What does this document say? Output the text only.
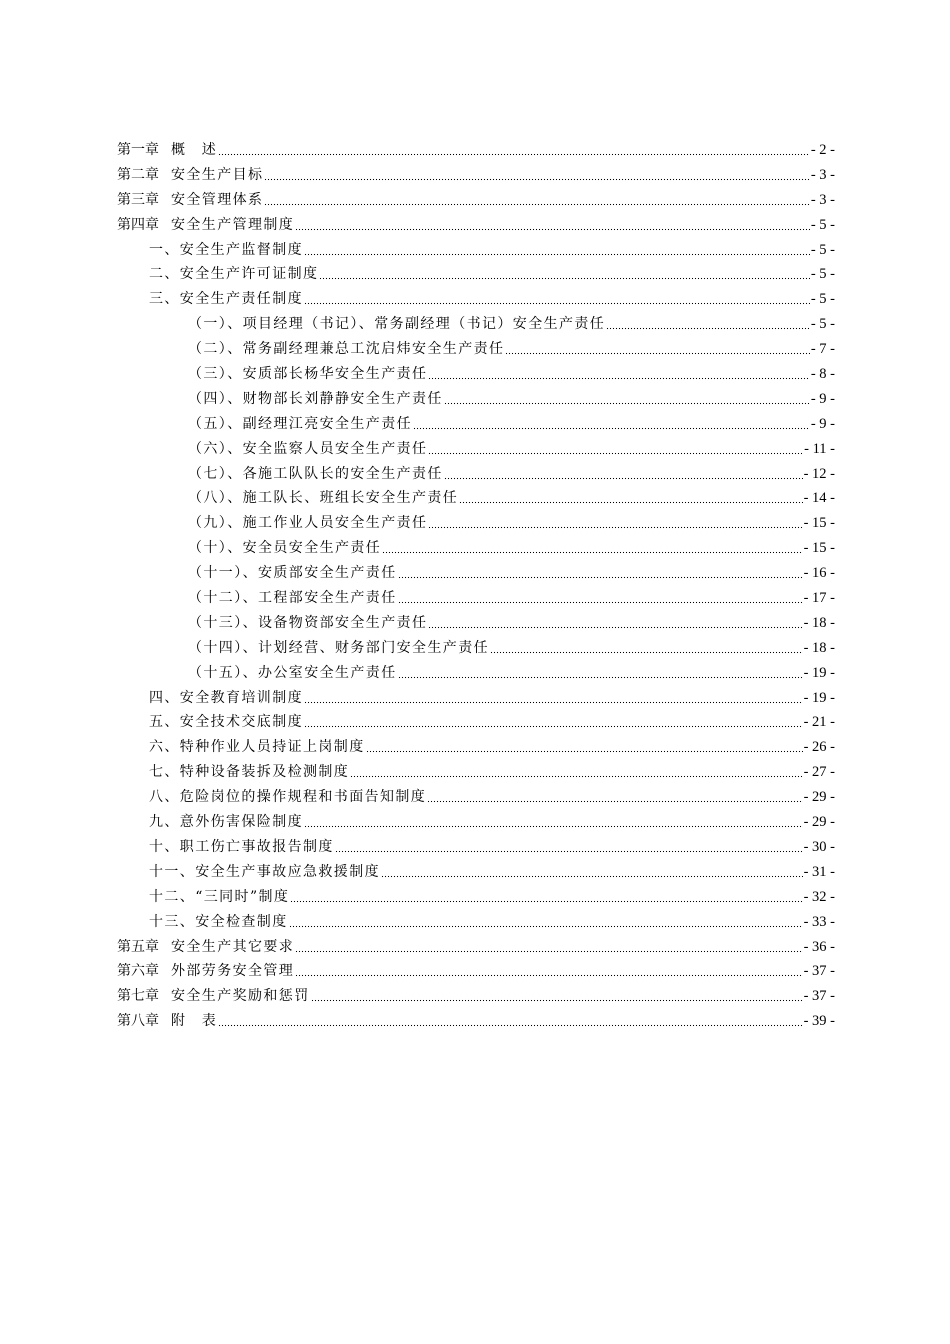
第一章 概　述	- 2 -
第二章 安全生产目标	- 3 -
第三章 安全管理体系	- 3 -
第四章 安全生产管理制度	- 5 -
一、安全生产监督制度	- 5 -
二、安全生产许可证制度	- 5 -
三、安全生产责任制度	- 5 -
（一）、项目经理（书记）、常务副经理（书记）安全生产责任	- 5 -
（二）、常务副经理兼总工沈启炜安全生产责任	- 7 -
（三）、安质部长杨华安全生产责任	- 8 -
（四）、财物部长刘静静安全生产责任	- 9 -
（五）、副经理江亮安全生产责任	- 9 -
（六）、安全监察人员安全生产责任	- 11 -
（七）、各施工队队长的安全生产责任	- 12 -
（八）、施工队长、班组长安全生产责任	- 14 -
（九）、施工作业人员安全生产责任	- 15 -
（十）、安全员安全生产责任	- 15 -
（十一）、安质部安全生产责任	- 16 -
（十二）、工程部安全生产责任	- 17 -
（十三）、设备物资部安全生产责任	- 18 -
（十四）、计划经营、财务部门安全生产责任	- 18 -
（十五）、办公室安全生产责任	- 19 -
四、安全教育培训制度	- 19 -
五、安全技术交底制度	- 21 -
六、特种作业人员持证上岗制度	- 26 -
七、特种设备装拆及检测制度	- 27 -
八、危险岗位的操作规程和书面告知制度	- 29 -
九、意外伤害保险制度	- 29 -
十、职工伤亡事故报告制度	- 30 -
十一、安全生产事故应急救援制度	- 31 -
十二、“三同时”制度	- 32 -
十三、安全检查制度	- 33 -
第五章 安全生产其它要求	- 36 -
第六章 外部劳务安全管理	- 37 -
第七章 安全生产奖励和惩罚	- 37 -
第八章 附　表	- 39 -
